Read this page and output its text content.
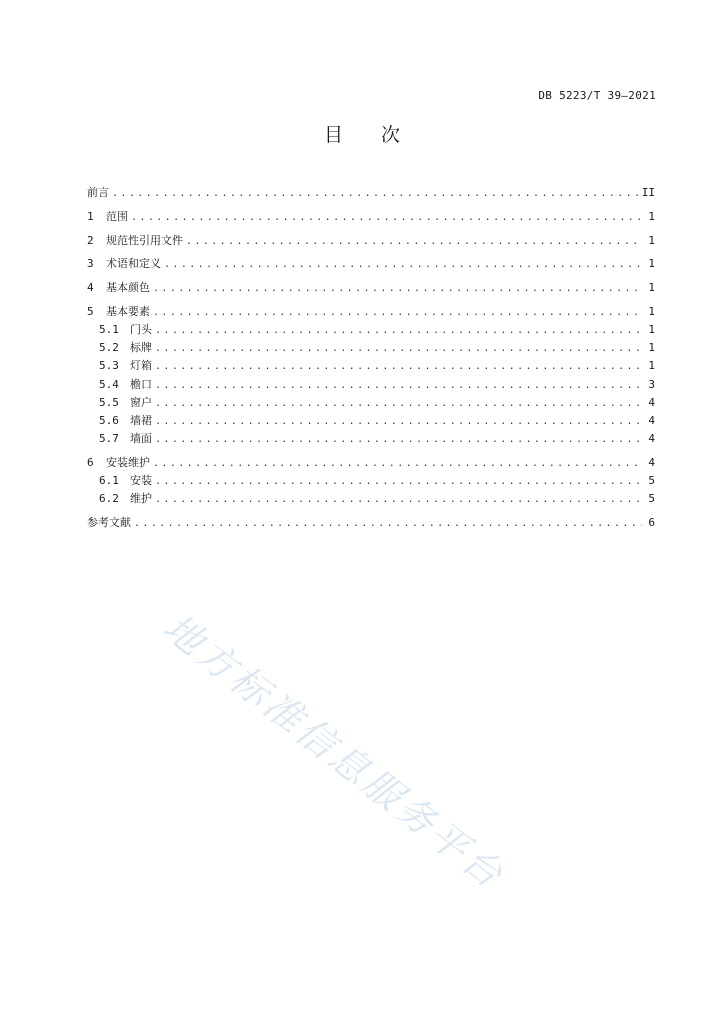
DB 5223/T 39—2021
目次
前言 .....	II
1	范围 .....	1
2	规范性引用文件 .....	1
3	术语和定义 .....	1
4	基本颜色 .....	1
5	基本要素 .....	1
5.1	门头 .....	1
5.2	标牌 .....	1
5.3	灯箱 .....	1
5.4	檐口 .....	3
5.5	窗户 .....	4
5.6	墙裙 .....	4
5.7	墙面 .....	4
6	安装维护 .....	4
6.1	安装 .....	5
6.2	维护 .....	5
参考文献 .....	6
地方标准信息服务平台
